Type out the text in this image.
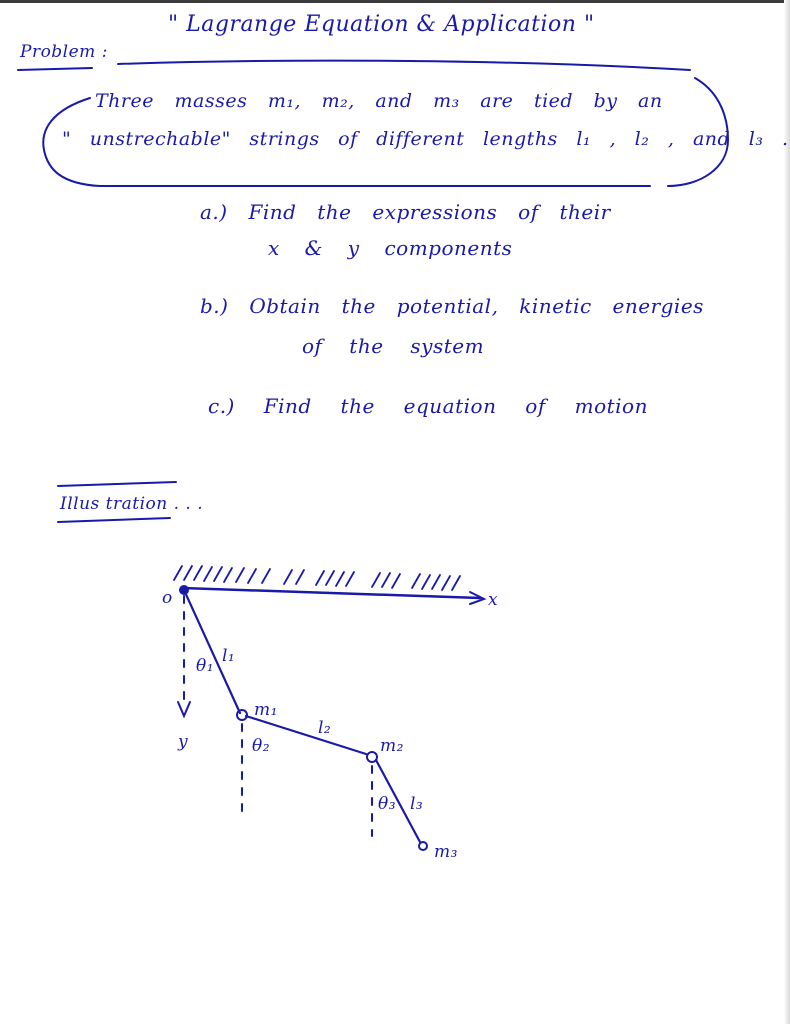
" Lagrange Equation & Application "
Problem :
Three masses m₁, m₂, and m₃ are tied by an
" unstrechable" strings of different lengths l₁ , l₂ , and l₃ .
a.) Find the expressions of their
x & y components
b.) Obtain the potential, kinetic energies
of the system
c.) Find the equation of motion
Illus tration . . .
o	x
y
θ₁ l₁
m₁
θ₂
l₂
m₂
θ₃ l₃
m₃
